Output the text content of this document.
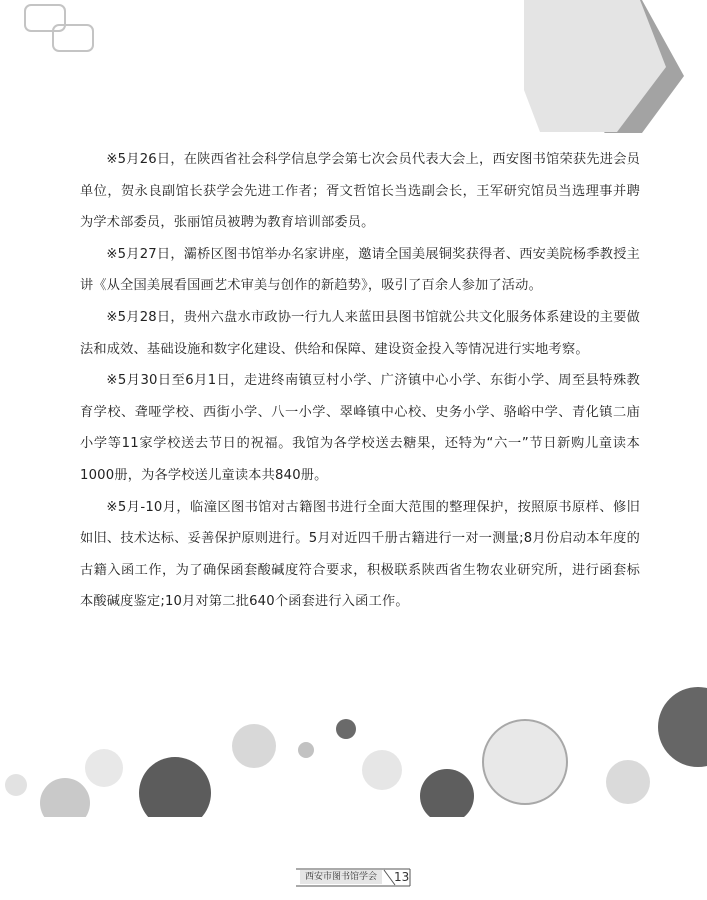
※5月26日，在陕西省社会科学信息学会第七次会员代表大会上，西安图书馆荣获先进会员单位，贺永良副馆长获学会先进工作者；胥文哲馆长当选副会长，王军研究馆员当选理事并聘为学术部委员，张丽馆员被聘为教育培训部委员。

※5月27日，灞桥区图书馆举办名家讲座，邀请全国美展铜奖获得者、西安美院杨季教授主讲《从全国美展看国画艺术审美与创作的新趋势》，吸引了百余人参加了活动。

※5月28日，贵州六盘水市政协一行九人来蓝田县图书馆就公共文化服务体系建设的主要做法和成效、基础设施和数字化建设、供给和保障、建设资金投入等情况进行实地考察。

※5月30日至6月1日，走进终南镇豆村小学、广济镇中心小学、东街小学、周至县特殊教育学校、聋哑学校、西街小学、八一小学、翠峰镇中心校、史务小学、骆峪中学、青化镇二庙小学等11家学校送去节日的祝福。我馆为各学校送去糖果，还特为“六一”节日新购儿童读本1000册，为各学校送儿童读本共840册。

※5月-10月，临潼区图书馆对古籍图书进行全面大范围的整理保护，按照原书原样、修旧如旧、技术达标、妥善保护原则进行。5月对近四千册古籍进行一对一测量;8月份启动本年度的古籍入函工作，为了确保函套酸碱度符合要求，积极联系陕西省生物农业研究所，进行函套标本酸碱度鉴定;10月对第二批640个函套进行入函工作。

西安市图书馆学会	13
